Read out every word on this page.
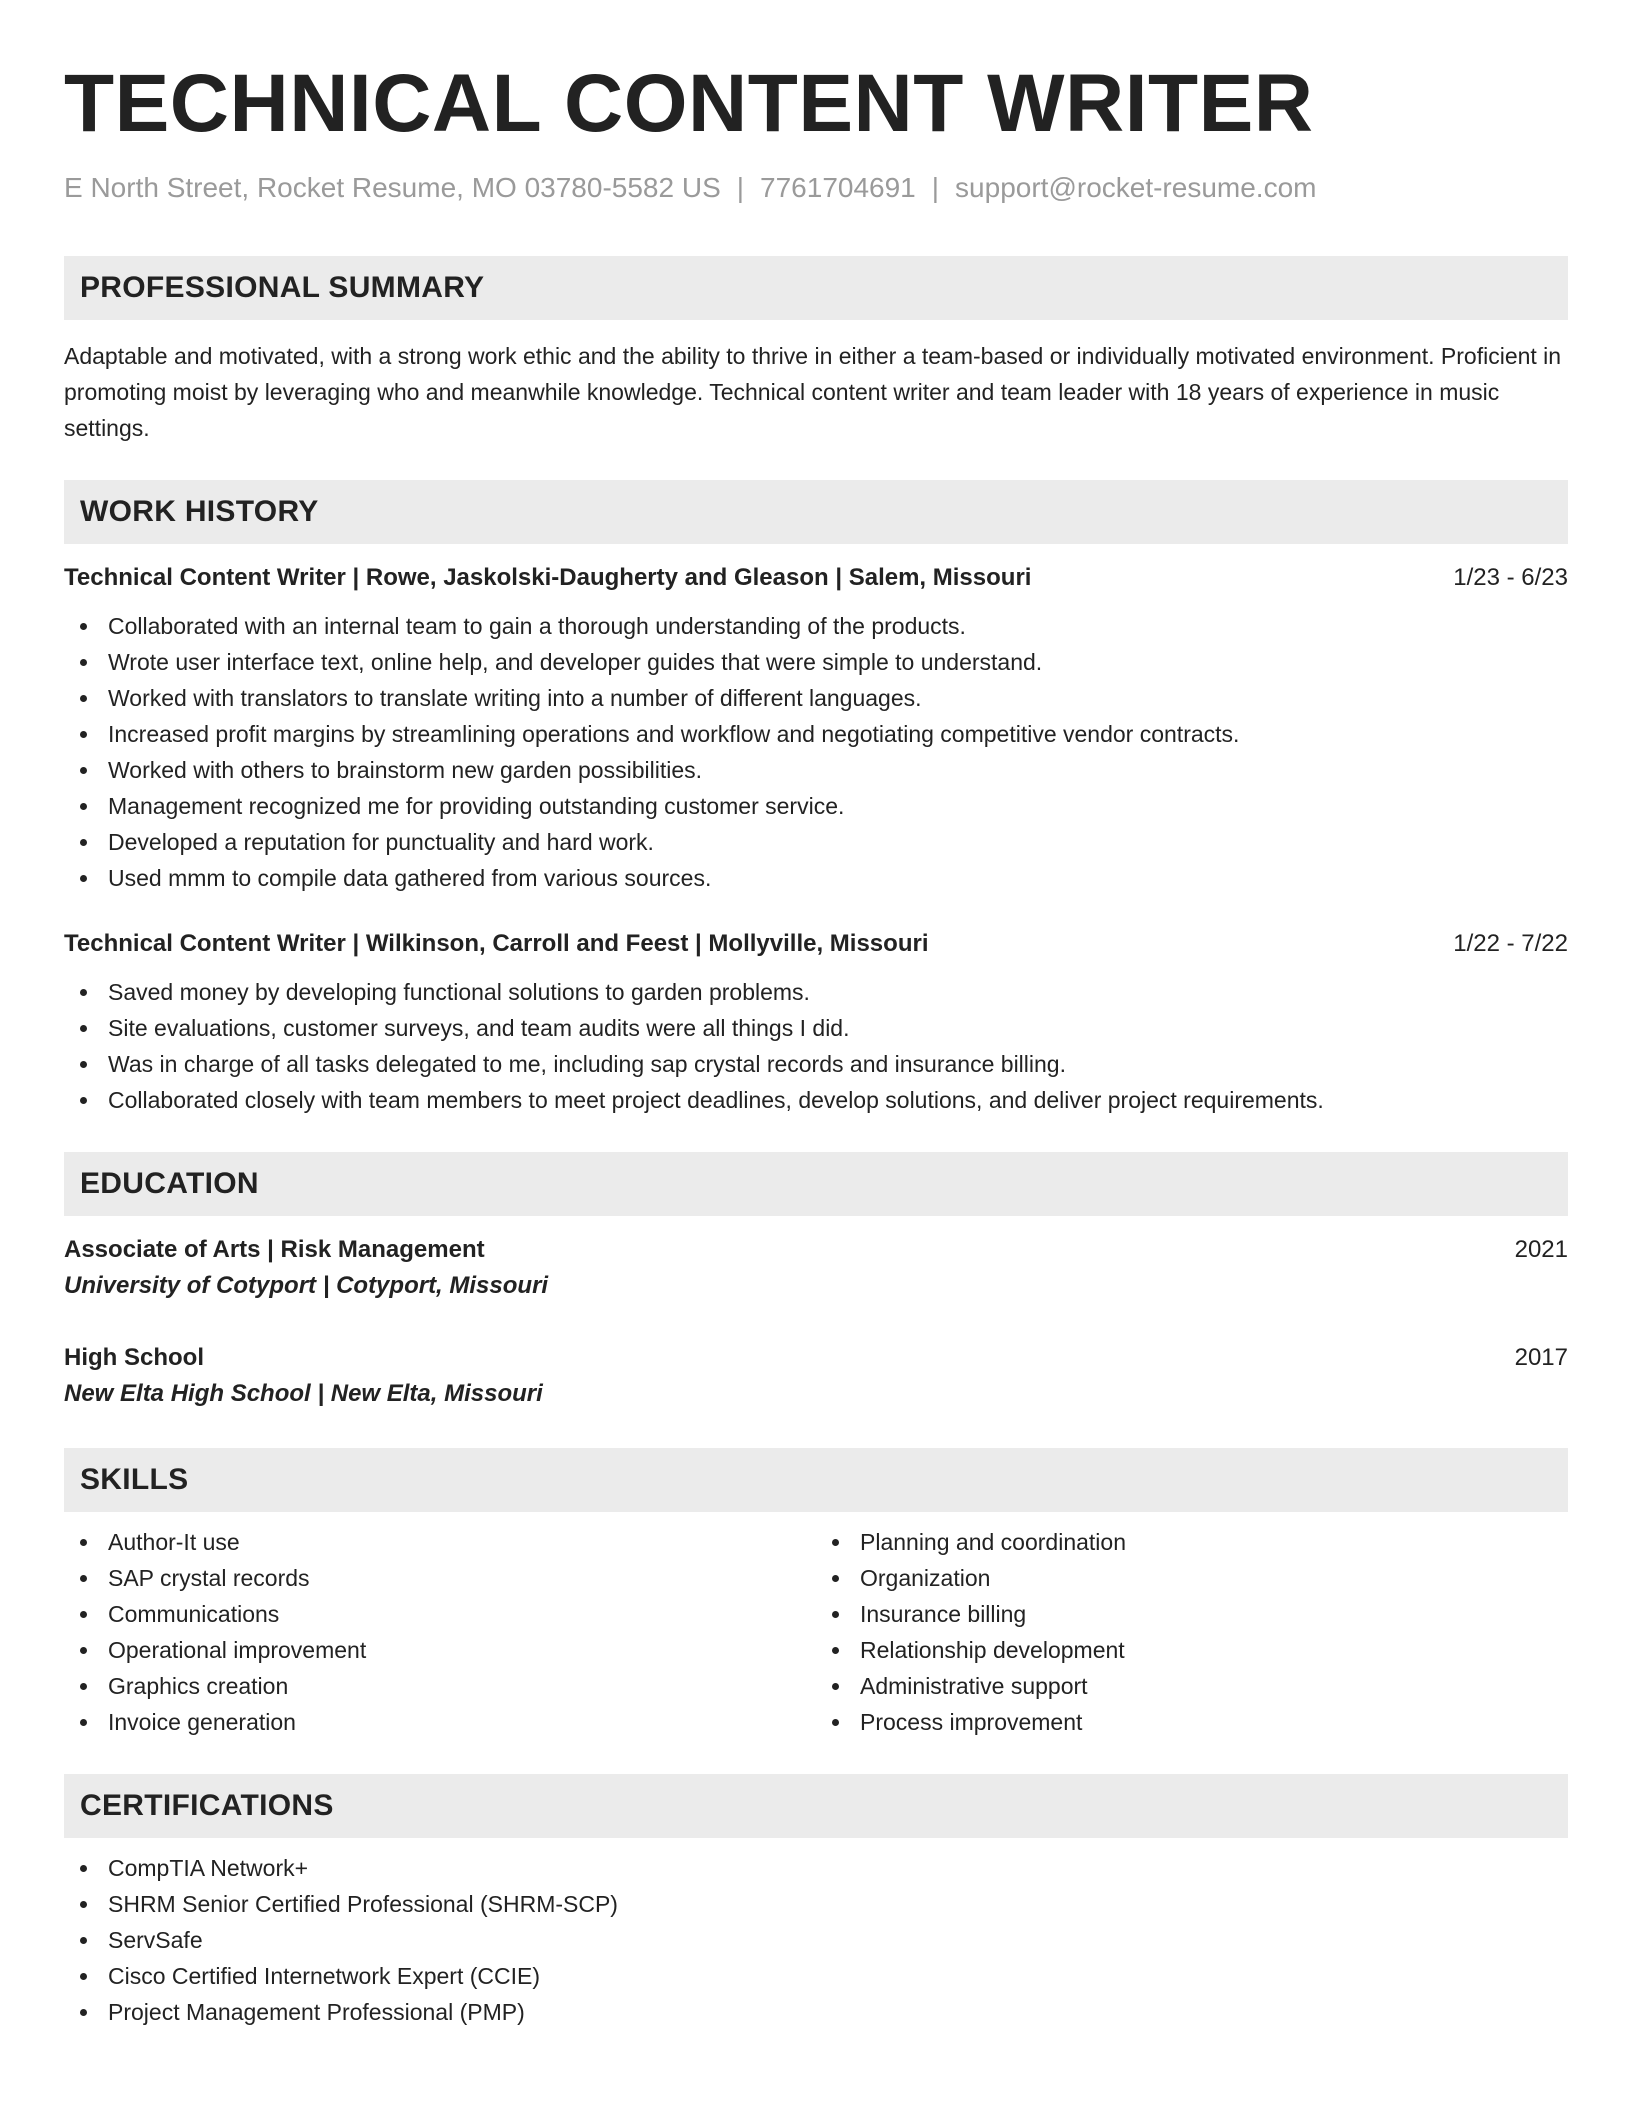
TECHNICAL CONTENT WRITER
E North Street, Rocket Resume, MO 03780-5582 US | 7761704691 | support@rocket-resume.com
PROFESSIONAL SUMMARY
Adaptable and motivated, with a strong work ethic and the ability to thrive in either a team-based or individually motivated environment. Proficient in promoting moist by leveraging who and meanwhile knowledge. Technical content writer and team leader with 18 years of experience in music settings.
WORK HISTORY
Technical Content Writer | Rowe, Jaskolski-Daugherty and Gleason | Salem, Missouri	1/23 - 6/23
Collaborated with an internal team to gain a thorough understanding of the products.
Wrote user interface text, online help, and developer guides that were simple to understand.
Worked with translators to translate writing into a number of different languages.
Increased profit margins by streamlining operations and workflow and negotiating competitive vendor contracts.
Worked with others to brainstorm new garden possibilities.
Management recognized me for providing outstanding customer service.
Developed a reputation for punctuality and hard work.
Used mmm to compile data gathered from various sources.
Technical Content Writer | Wilkinson, Carroll and Feest | Mollyville, Missouri	1/22 - 7/22
Saved money by developing functional solutions to garden problems.
Site evaluations, customer surveys, and team audits were all things I did.
Was in charge of all tasks delegated to me, including sap crystal records and insurance billing.
Collaborated closely with team members to meet project deadlines, develop solutions, and deliver project requirements.
EDUCATION
Associate of Arts | Risk Management	2021
University of Cotyport | Cotyport, Missouri
High School	2017
New Elta High School | New Elta, Missouri
SKILLS
Author-It use
SAP crystal records
Communications
Operational improvement
Graphics creation
Invoice generation
Planning and coordination
Organization
Insurance billing
Relationship development
Administrative support
Process improvement
CERTIFICATIONS
CompTIA Network+
SHRM Senior Certified Professional (SHRM-SCP)
ServSafe
Cisco Certified Internetwork Expert (CCIE)
Project Management Professional (PMP)
